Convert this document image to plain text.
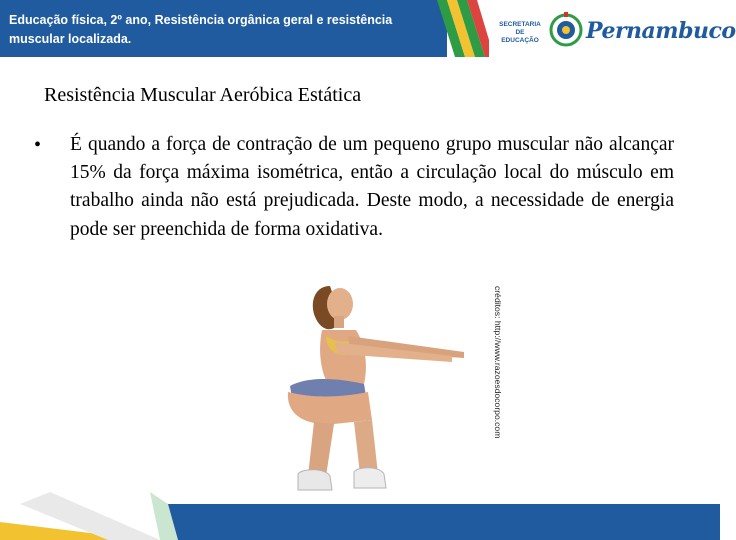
Educação física, 2º ano, Resistência orgânica geral e resistência muscular localizada.
SECRETARIA DE EDUCAÇÃO Pernambuco
Resistência Muscular Aeróbica Estática
• É quando a força de contração de um pequeno grupo muscular não alcançar 15% da força máxima isométrica, então a circulação local do músculo em trabalho ainda não está prejudicada. Deste modo, a necessidade de energia pode ser preenchida de forma oxidativa.
créditos: http://www.razoesdocorpo.com
